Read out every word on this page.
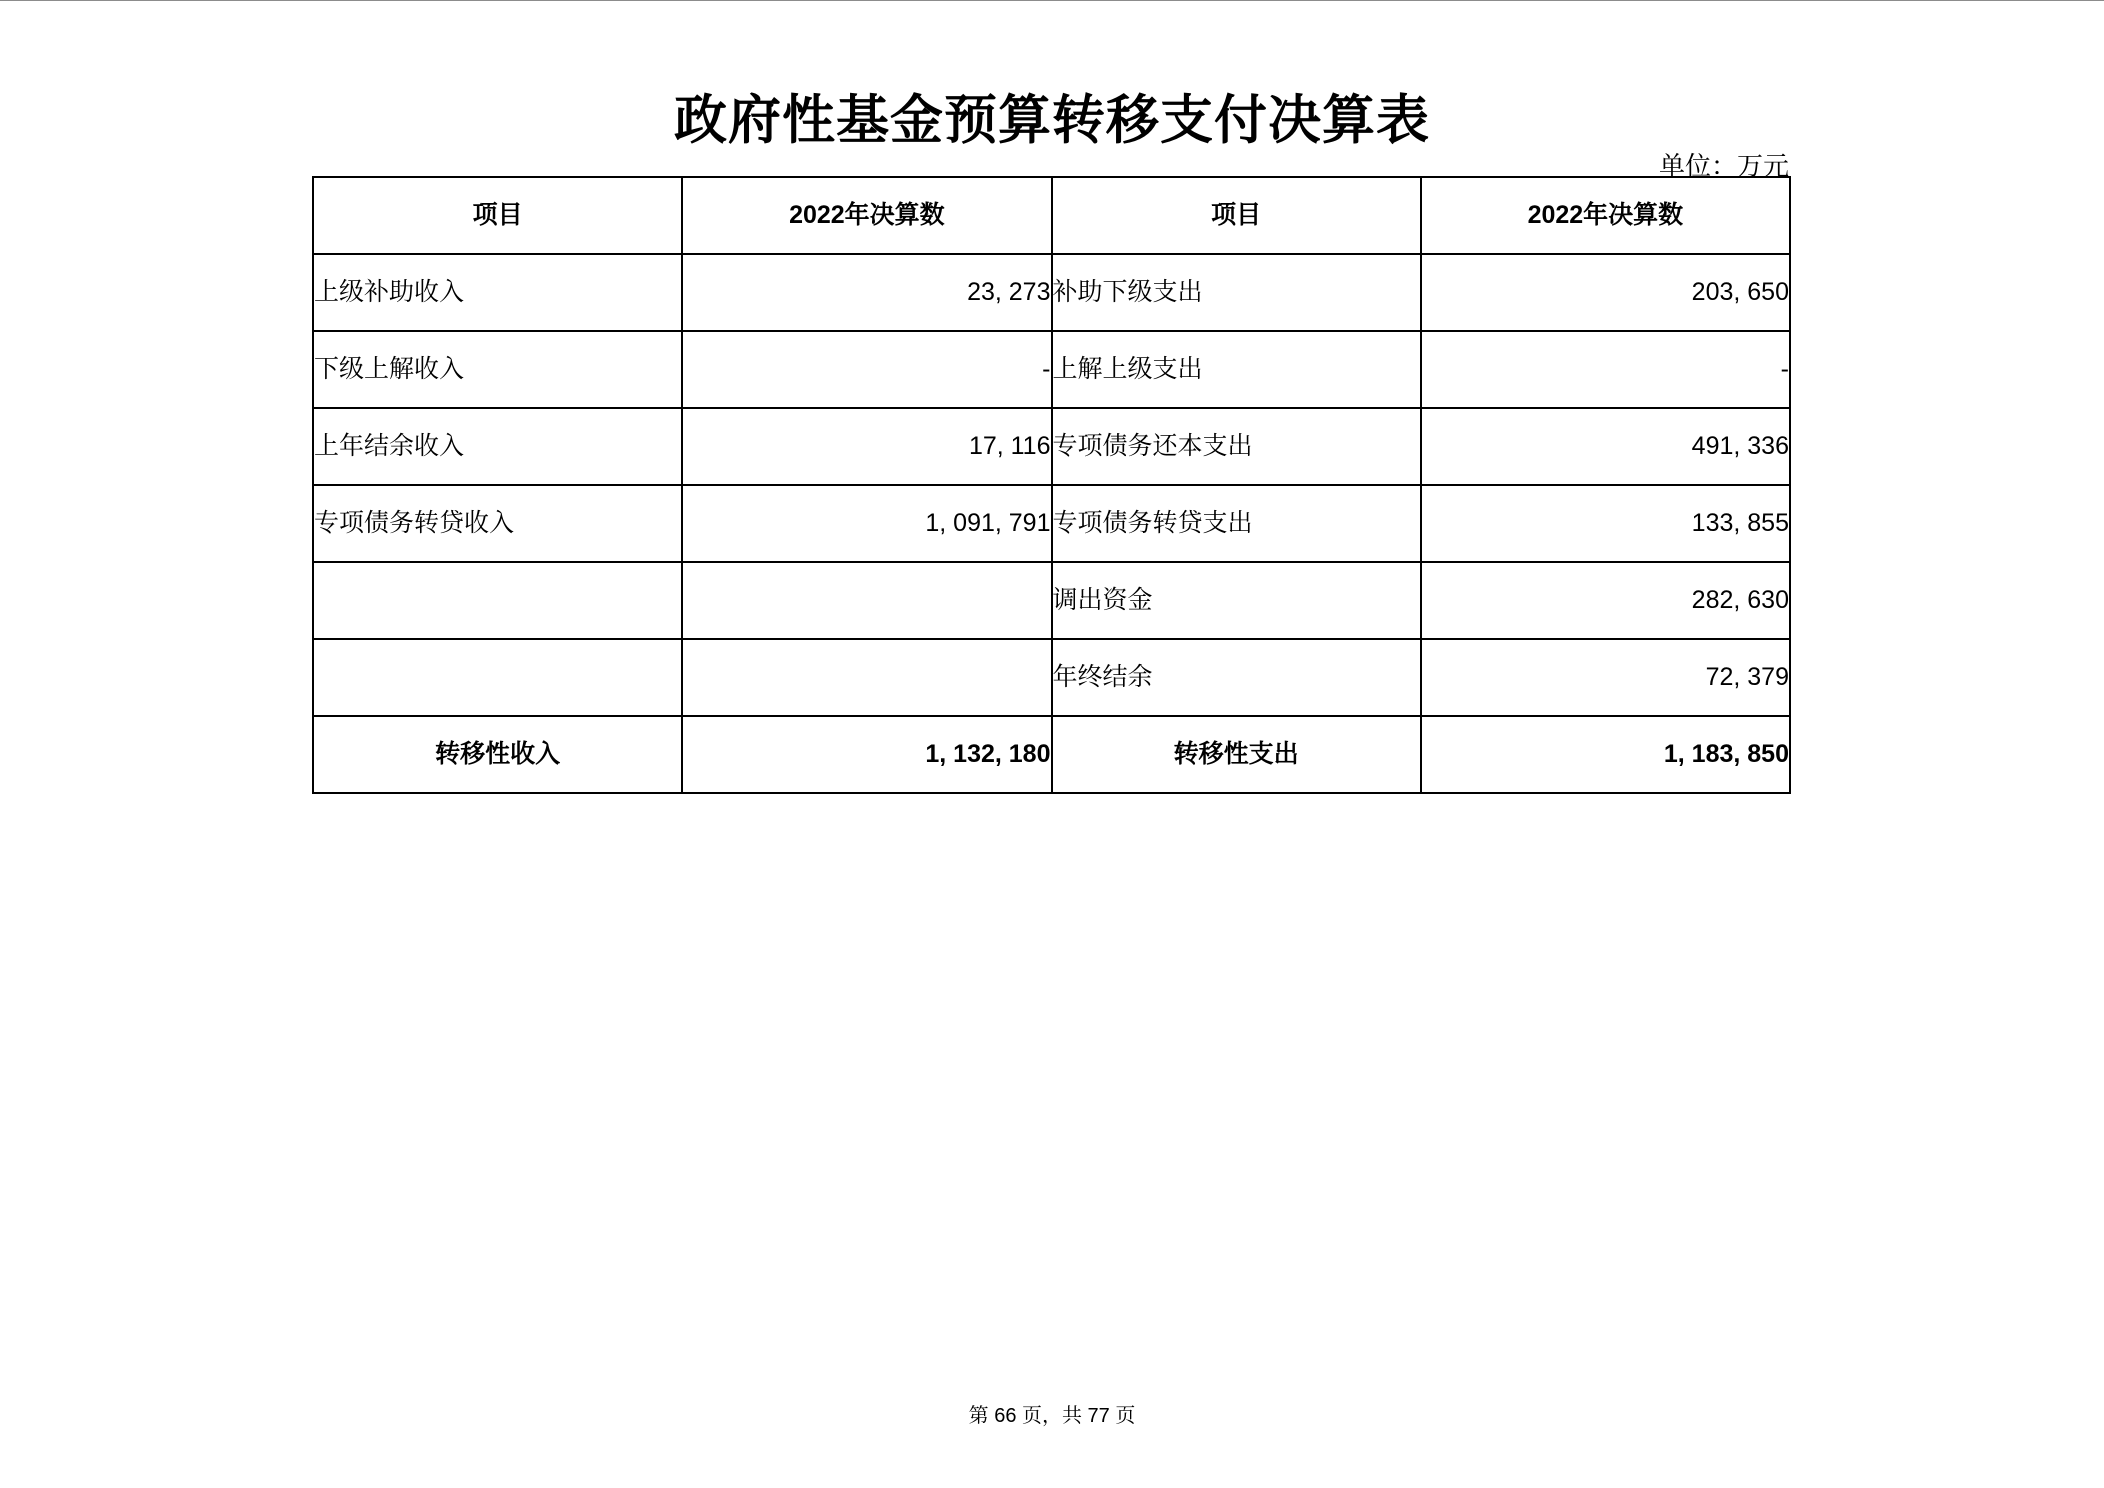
政府性基金预算转移支付决算表
单位：万元
项目	2022年决算数	项目	2022年决算数
上级补助收入	23, 273	补助下级支出	203, 650
下级上解收入	-	上解上级支出	-
上年结余收入	17, 116	专项债务还本支出	491, 336
专项债务转贷收入	1, 091, 791	专项债务转贷支出	133, 855
		调出资金	282, 630
		年终结余	72, 379
转移性收入	1, 132, 180	转移性支出	1, 183, 850
第 66 页，共 77 页
